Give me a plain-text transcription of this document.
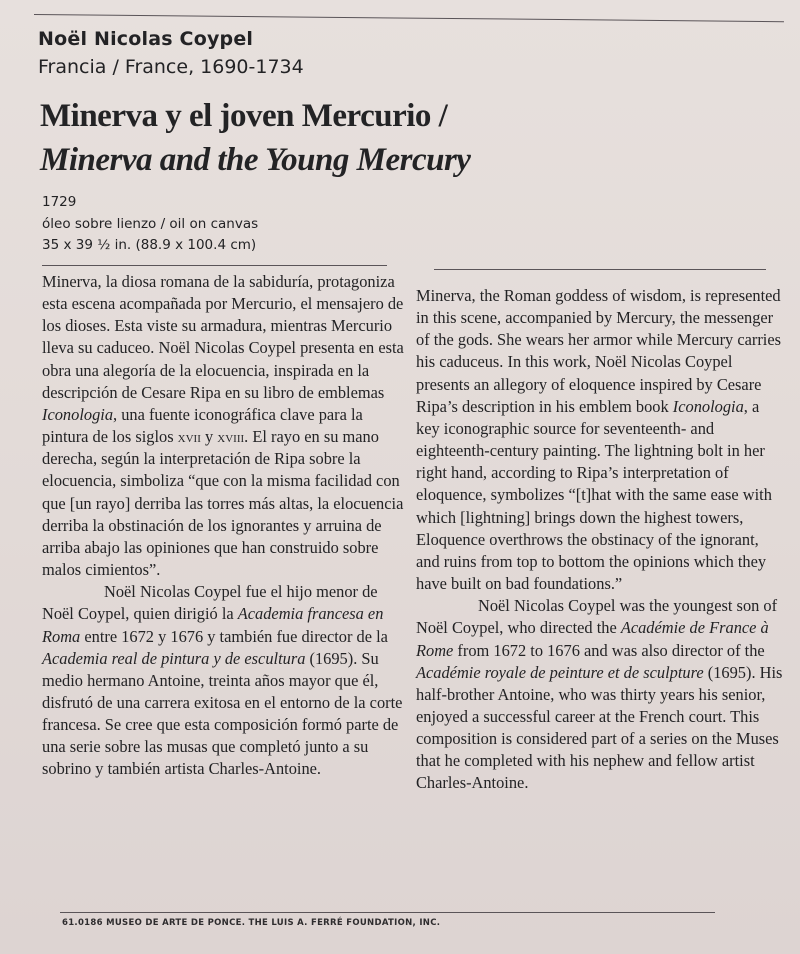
Noël Nicolas Coypel
Francia / France, 1690-1734
Minerva y el joven Mercurio /
Minerva and the Young Mercury
1729
óleo sobre lienzo / oil on canvas
35 x 39 ½ in. (88.9 x 100.4 cm)

Minerva, la diosa romana de la sabiduría, protagoniza esta escena acompañada por Mercurio, el mensajero de los dioses. Esta viste su armadura, mientras Mercurio lleva su caduceo. Noël Nicolas Coypel presenta en esta obra una alegoría de la elocuencia, inspirada en la descripción de Cesare Ripa en su libro de emblemas Iconologia, una fuente iconográfica clave para la pintura de los siglos xvii y xviii. El rayo en su mano derecha, según la interpretación de Ripa sobre la elocuencia, simboliza “que con la misma facilidad con que [un rayo] derriba las torres más altas, la elocuencia derriba la obstinación de los ignorantes y arruina de arriba abajo las opiniones que han construido sobre malos cimientos”.

Noël Nicolas Coypel fue el hijo menor de Noël Coypel, quien dirigió la Academia francesa en Roma entre 1672 y 1676 y también fue director de la Academia real de pintura y de escultura (1695). Su medio hermano Antoine, treinta años mayor que él, disfrutó de una carrera exitosa en el entorno de la corte francesa. Se cree que esta composición formó parte de una serie sobre las musas que completó junto a su sobrino y también artista Charles-Antoine.

Minerva, the Roman goddess of wisdom, is represented in this scene, accompanied by Mercury, the messenger of the gods. She wears her armor while Mercury carries his caduceus. In this work, Noël Nicolas Coypel presents an allegory of eloquence inspired by Cesare Ripa’s description in his emblem book Iconologia, a key iconographic source for seventeenth- and eighteenth-century painting. The lightning bolt in her right hand, according to Ripa’s interpretation of eloquence, symbolizes “[t]hat with the same ease with which [lightning] brings down the highest towers, Eloquence overthrows the obstinacy of the ignorant, and ruins from top to bottom the opinions which they have built on bad foundations.”

Noël Nicolas Coypel was the youngest son of Noël Coypel, who directed the Académie de France à Rome from 1672 to 1676 and was also director of the Académie royale de peinture et de sculpture (1695). His half-brother Antoine, who was thirty years his senior, enjoyed a successful career at the French court. This composition is considered part of a series on the Muses that he completed with his nephew and fellow artist Charles-Antoine.

61.0186 MUSEO DE ARTE DE PONCE. THE LUIS A. FERRÉ FOUNDATION, INC.
